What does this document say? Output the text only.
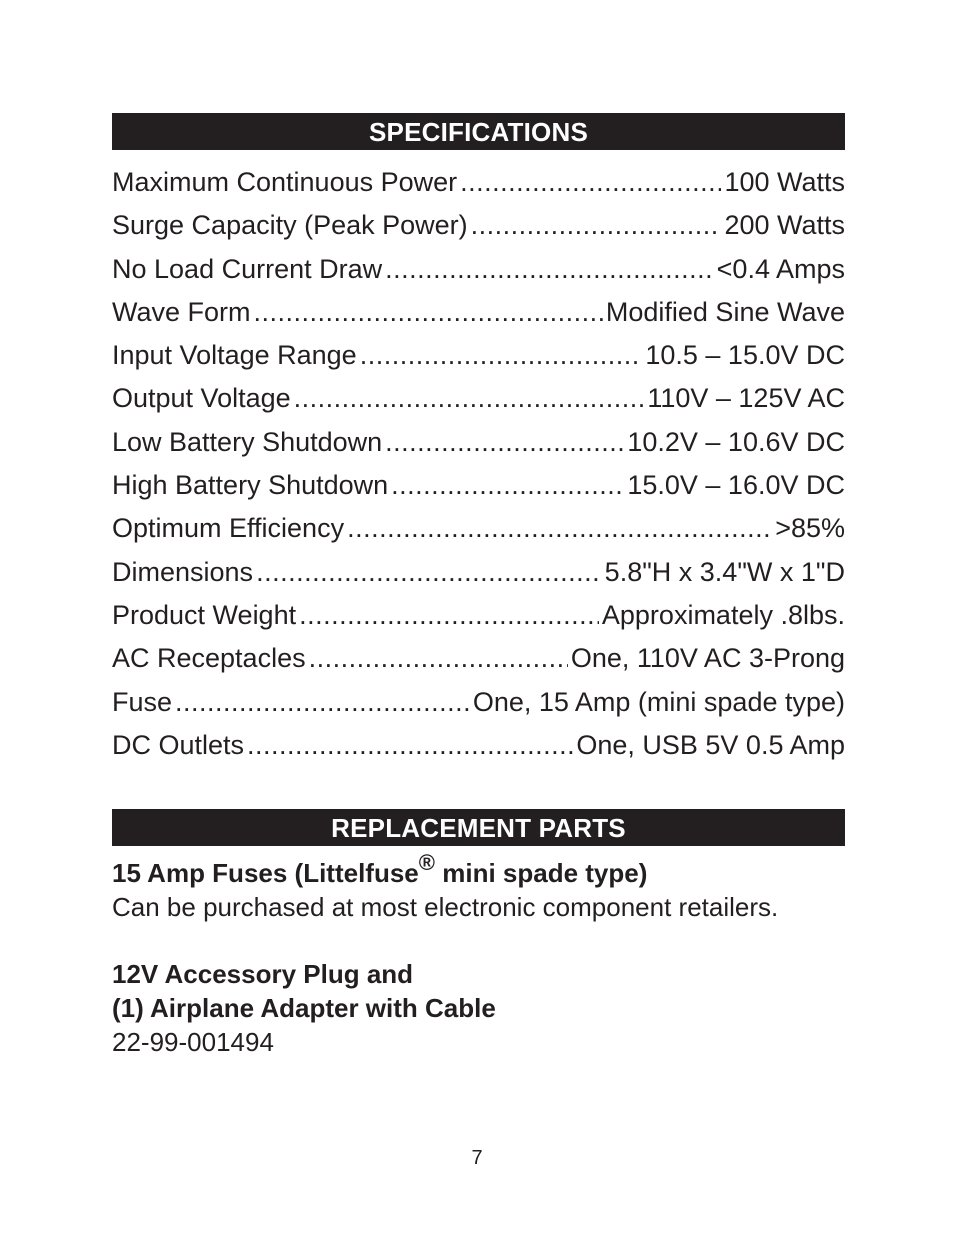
SPECIFICATIONS
Maximum Continuous Power .....	100 Watts
Surge Capacity (Peak Power) .....	200 Watts
No Load Current Draw .....	<0.4 Amps
Wave Form .....	Modified Sine Wave
Input Voltage Range .....	10.5 – 15.0V DC
Output Voltage .....	110V – 125V AC
Low Battery Shutdown .....	10.2V – 10.6V DC
High Battery Shutdown .....	15.0V – 16.0V DC
Optimum Efficiency .....	>85%
Dimensions .....	5.8"H x 3.4"W x 1"D
Product Weight .....	Approximately .8lbs.
AC Receptacles .....	One, 110V AC 3-Prong
Fuse .....	One, 15 Amp (mini spade type)
DC Outlets .....	One, USB 5V 0.5 Amp
REPLACEMENT PARTS
15 Amp Fuses (Littelfuse® mini spade type)
Can be purchased at most electronic component retailers.
12V Accessory Plug and
(1) Airplane Adapter with Cable
22-99-001494
7
